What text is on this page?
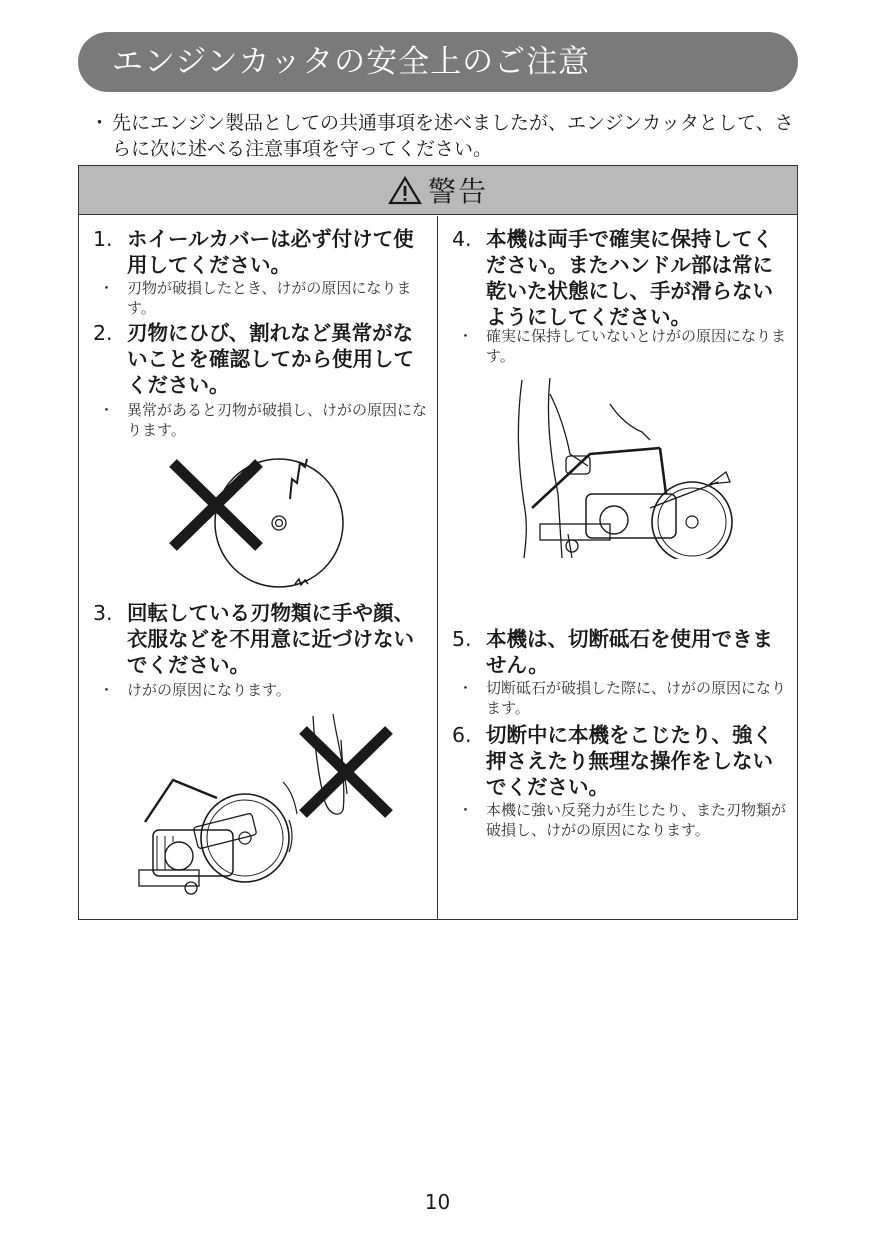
エンジンカッタの安全上のご注意
・ 先にエンジン製品としての共通事項を述べましたが、エンジンカッタとして、さらに次に述べる注意事項を守ってください。
警告
1. ホイールカバーは必ず付けて使用してください。
・ 刃物が破損したとき、けがの原因になります。
2. 刃物にひび、割れなど異常がないことを確認してから使用してください。
・ 異常があると刃物が破損し、けがの原因になります。
3. 回転している刃物類に手や顔、衣服などを不用意に近づけないでください。
・ けがの原因になります。
4. 本機は両手で確実に保持してください。またハンドル部は常に乾いた状態にし、手が滑らないようにしてください。
・ 確実に保持していないとけがの原因になります。
5. 本機は、切断砥石を使用できません。
・ 切断砥石が破損した際に、けがの原因になります。
6. 切断中に本機をこじたり、強く押さえたり無理な操作をしないでください。
・ 本機に強い反発力が生じたり、また刃物類が破損し、けがの原因になります。
10
